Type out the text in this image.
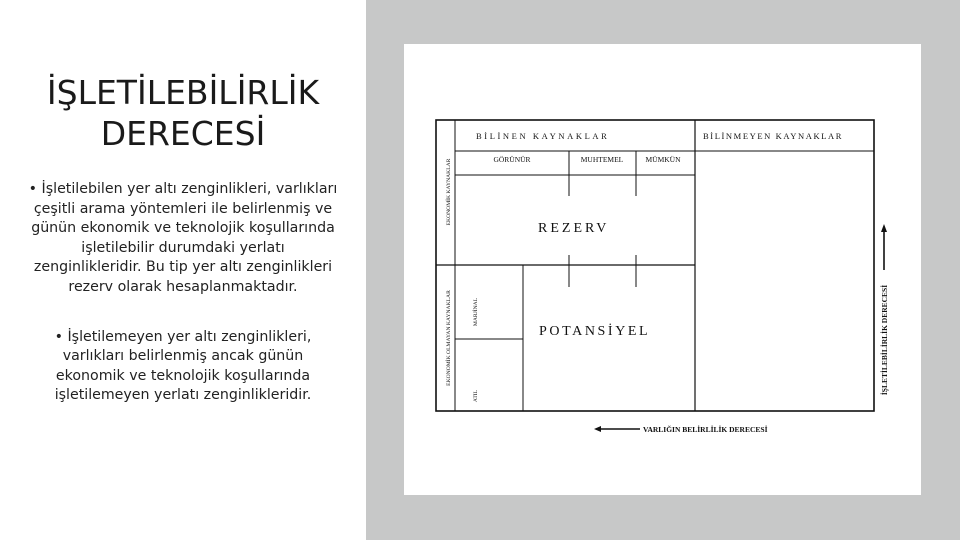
İŞLETİLEBİLİRLİK
DERECESİ

• İşletilebilen yer altı zenginlikleri, varlıkları çeşitli arama yöntemleri ile belirlenmiş ve günün ekonomik ve teknolojik koşullarında işletilebilir durumdaki yerlatı zenginlikleridir. Bu tip yer altı zenginlikleri rezerv olarak hesaplanmaktadır.

• İşletilemeyen yer altı zenginlikleri, varlıkları belirlenmiş ancak günün ekonomik ve teknolojik koşullarında işletilemeyen yerlatı zenginlikleridir.

BİLİNEN KAYNAKLAR	BİLİNMEYEN KAYNAKLAR
GÖRÜNÜR	MUHTEMEL	MÜMKÜN
REZERV
POTANSİYEL
EKONOMİK KAYNAKLAR
EKONOMİK OLMAYAN KAYNAKLAR	MARJİNAL
ATIL
VARLIĞIN BELİRLİLİK DERECESİ
İŞLETİLEBİLİRLİK DERECESİ
